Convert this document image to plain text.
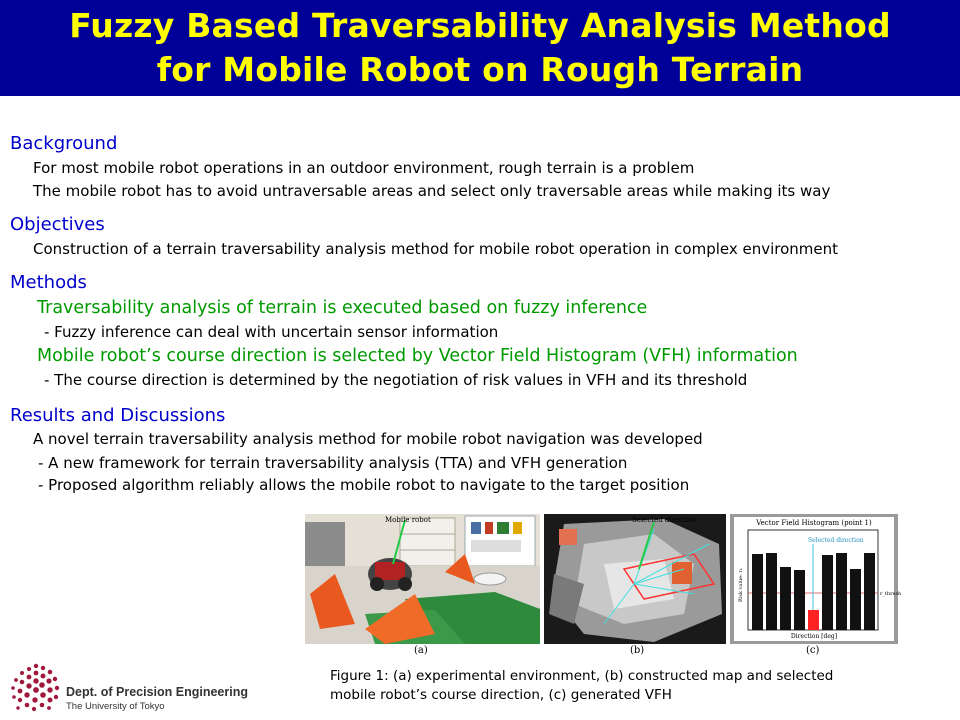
Fuzzy Based Traversability Analysis Method
for Mobile Robot on Rough Terrain
Background
For most mobile robot operations in an outdoor environment, rough terrain is a problem
The mobile robot has to avoid untraversable areas and select only traversable areas while making its way
Objectives
Construction of a terrain traversability analysis method for mobile robot operation in complex environment
Methods
Traversability analysis of terrain is executed based on fuzzy inference
- Fuzzy inference can deal with uncertain sensor information
Mobile robot’s course direction is selected by Vector Field Histogram (VFH) information
- The course direction is determined by the negotiation of risk values in VFH and its threshold
Results and Discussions
A novel terrain traversability analysis method for mobile robot navigation was developed
- A new framework for terrain traversability analysis (TTA) and VFH generation
- Proposed algorithm reliably allows the mobile robot to navigate to the target position
Mobile robot
(a)
Selected direction
(b)
Vector Field Histogram (point 1)
r_thresh
Selected direction
Risk value: rₖ
Direction [deg]
(c)
Figure 1: (a) experimental environment, (b) constructed map and selected
mobile robot’s course direction, (c) generated VFH
Dept. of Precision Engineering
The University of Tokyo
